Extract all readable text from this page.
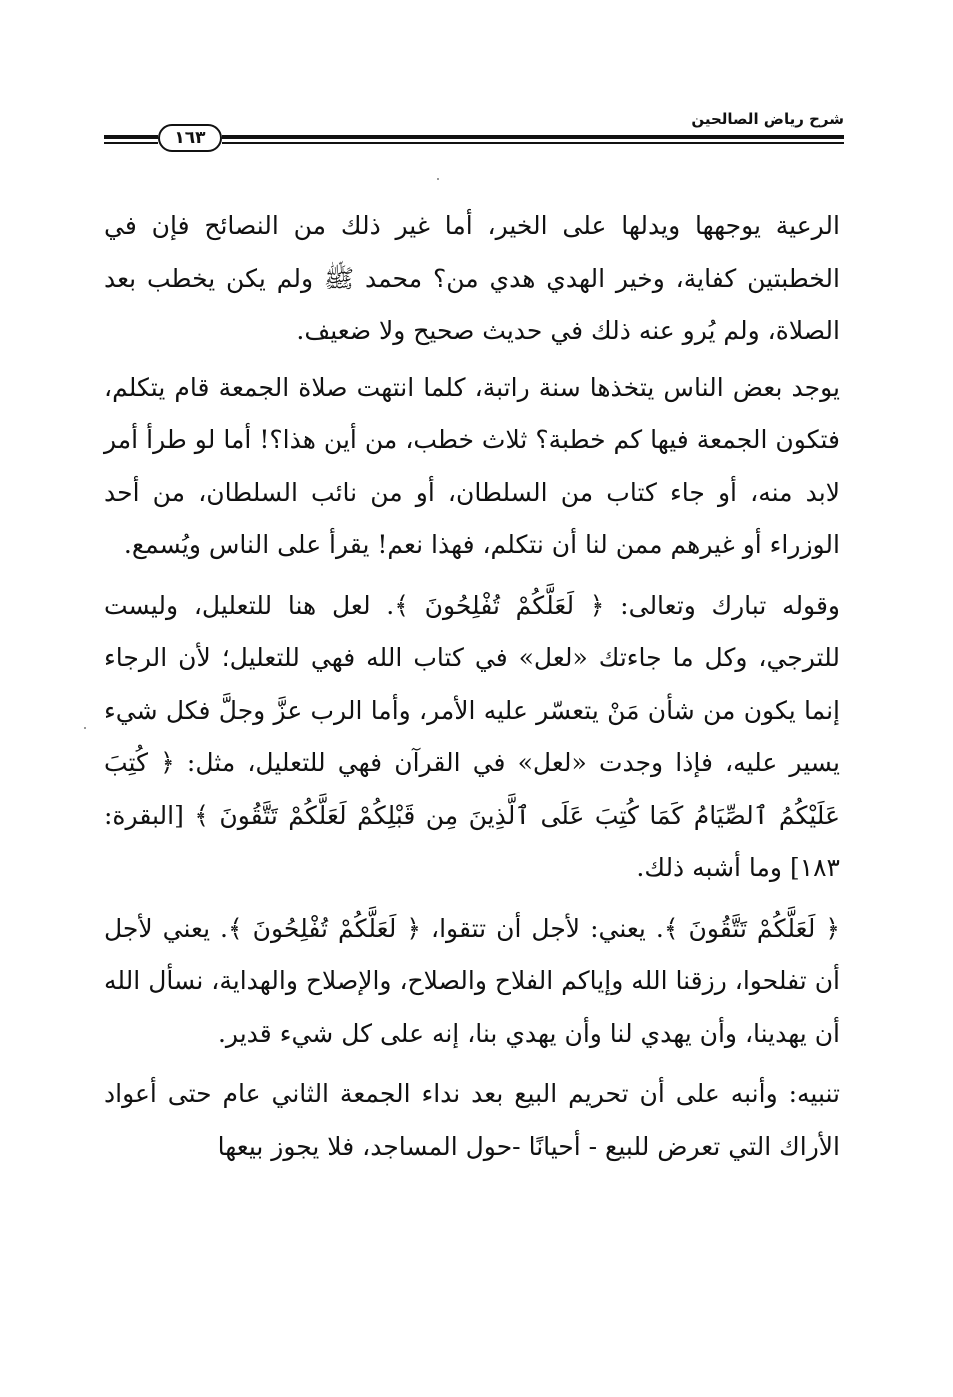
شرح رياض الصالحين
١٦٣

الرعية يوجهها ويدلها على الخير، أما غير ذلك من النصائح فإن في الخطبتين كفاية، وخير الهدي هدي من؟ محمد ﷺ ولم يكن يخطب بعد الصلاة، ولم يُرو عنه ذلك في حديث صحيح ولا ضعيف.

يوجد بعض الناس يتخذها سنة راتبة، كلما انتهت صلاة الجمعة قام يتكلم، فتكون الجمعة فيها كم خطبة؟ ثلاث خطب، من أين هذا؟! أما لو طرأ أمر لابد منه، أو جاء كتاب من السلطان، أو من نائب السلطان، من أحد الوزراء أو غيرهم ممن لنا أن نتكلم، فهذا نعم! يقرأ على الناس ويُسمع.

وقوله تبارك وتعالى: ﴿ لَعَلَّكُمْ تُفْلِحُونَ ﴾. لعل هنا للتعليل، وليست للترجي، وكل ما جاءتك «لعل» في كتاب الله فهي للتعليل؛ لأن الرجاء إنما يكون من شأن مَنْ يتعسّر عليه الأمر، وأما الرب عزَّ وجلَّ فكل شيء يسير عليه، فإذا وجدت «لعل» في القرآن فهي للتعليل، مثل: ﴿ كُتِبَ عَلَيْكُمُ ٱلصِّيَامُ كَمَا كُتِبَ عَلَى ٱلَّذِينَ مِن قَبْلِكُمْ لَعَلَّكُمْ تَتَّقُونَ ﴾ [البقرة: ١٨٣] وما أشبه ذلك.

﴿ لَعَلَّكُمْ تَتَّقُونَ ﴾. يعني: لأجل أن تتقوا، ﴿ لَعَلَّكُمْ تُفْلِحُونَ ﴾. يعني لأجل أن تفلحوا، رزقنا الله وإياكم الفلاح والصلاح، والإصلاح والهداية، نسأل الله أن يهدينا، وأن يهدي لنا وأن يهدي بنا، إنه على كل شيء قدير.

تنبيه: وأنبه على أن تحريم البيع بعد نداء الجمعة الثاني عام حتى أعواد الأراك التي تعرض للبيع - أحيانًا -حول المساجد، فلا يجوز بيعها
